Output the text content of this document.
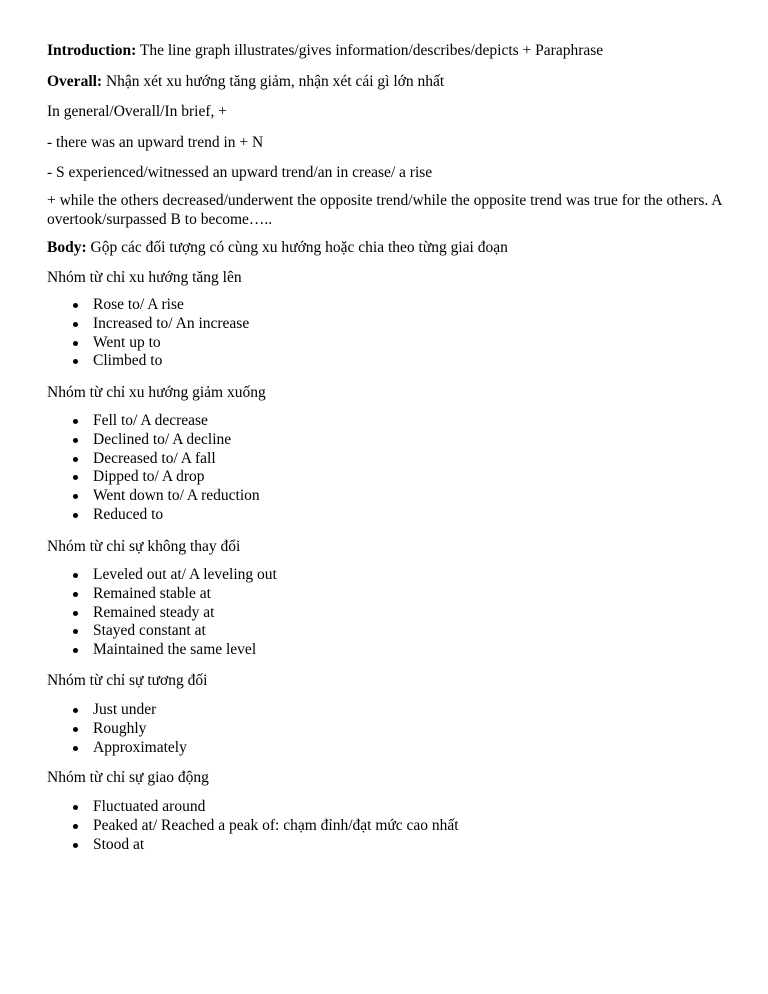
Introduction: The line graph illustrates/gives information/describes/depicts + Paraphrase

Overall: Nhận xét xu hướng tăng giảm, nhận xét cái gì lớn nhất

In general/Overall/In brief, +

- there was an upward trend in + N

- S experienced/witnessed an upward trend/an in crease/ a rise

+ while the others decreased/underwent the opposite trend/while the opposite trend was true for the others. A overtook/surpassed B to become…..

Body: Gộp các đối tượng có cùng xu hướng hoặc chia theo từng giai đoạn

Nhóm từ chỉ xu hướng tăng lên

Rose to/ A rise
Increased to/ An increase
Went up to
Climbed to

Nhóm từ chỉ xu hướng giảm xuống

Fell to/ A decrease
Declined to/ A decline
Decreased to/ A fall
Dipped to/ A drop
Went down to/ A reduction
Reduced to

Nhóm từ chỉ sự không thay đổi

Leveled out at/ A leveling out
Remained stable at
Remained steady at
Stayed constant at
Maintained the same level

Nhóm từ chỉ sự tương đối

Just under
Roughly
Approximately

Nhóm từ chỉ sự giao động

Fluctuated around
Peaked at/ Reached a peak of: chạm đỉnh/đạt mức cao nhất
Stood at
